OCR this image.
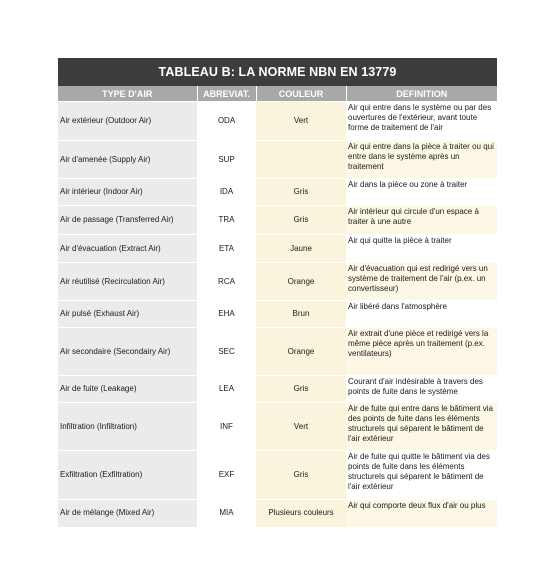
TABLEAU B: LA NORME NBN EN 13779
TYPE D'AIR	ABREVIAT.	COULEUR	DEFINITION
Air extérieur (Outdoor Air)	ODA	Vert	Air qui entre dans le système ou par des ouvertures de l'extérieur, avant toute forme de traitement de l'air
Air d'amenée (Supply Air)	SUP		Air qui entre dans la pièce à traiter ou qui entre dans le système après un traitement
Air intérieur (Indoor Air)	IDA	Gris	Air dans la pièce ou zone à traiter
Air de passage (Transferred Air)	TRA	Gris	Air intérieur qui circule d'un espace à traiter à une autre
Air d'évacuation (Extract Air)	ETA	Jaune	Air qui quitte la pièce à traiter
Air réutilisé (Recirculation Air)	RCA	Orange	Air d'évacuation qui est redirigé vers un système de traitement de l'air (p.ex. un convertisseur)
Air pulsé (Exhaust Air)	EHA	Brun	Air libéré dans l'atmosphère
Air secondaire (Secondairy Air)	SEC	Orange	Air extrait d'une pièce et redirigé vers la même pièce après un traitement (p.ex. ventilateurs)
Air de fuite (Leakage)	LEA	Gris	Courant d'air indésirable à travers des points de fuite dans le système
Infiltration (Infiltration)	INF	Vert	Air de fuite qui entre dans le bâtiment via des points de fuite dans les éléments structurels qui séparent le bâtiment de l'air extérieur
Exfiltration (Exfiltration)	EXF	Gris	Air de fuite qui quitte le bâtiment via des points de fuite dans les éléments structurels qui séparent le bâtiment de l'air extérieur
Air de mélange (Mixed Air)	MIA	Plusieurs couleurs	Air qui comporte deux flux d'air ou plus
